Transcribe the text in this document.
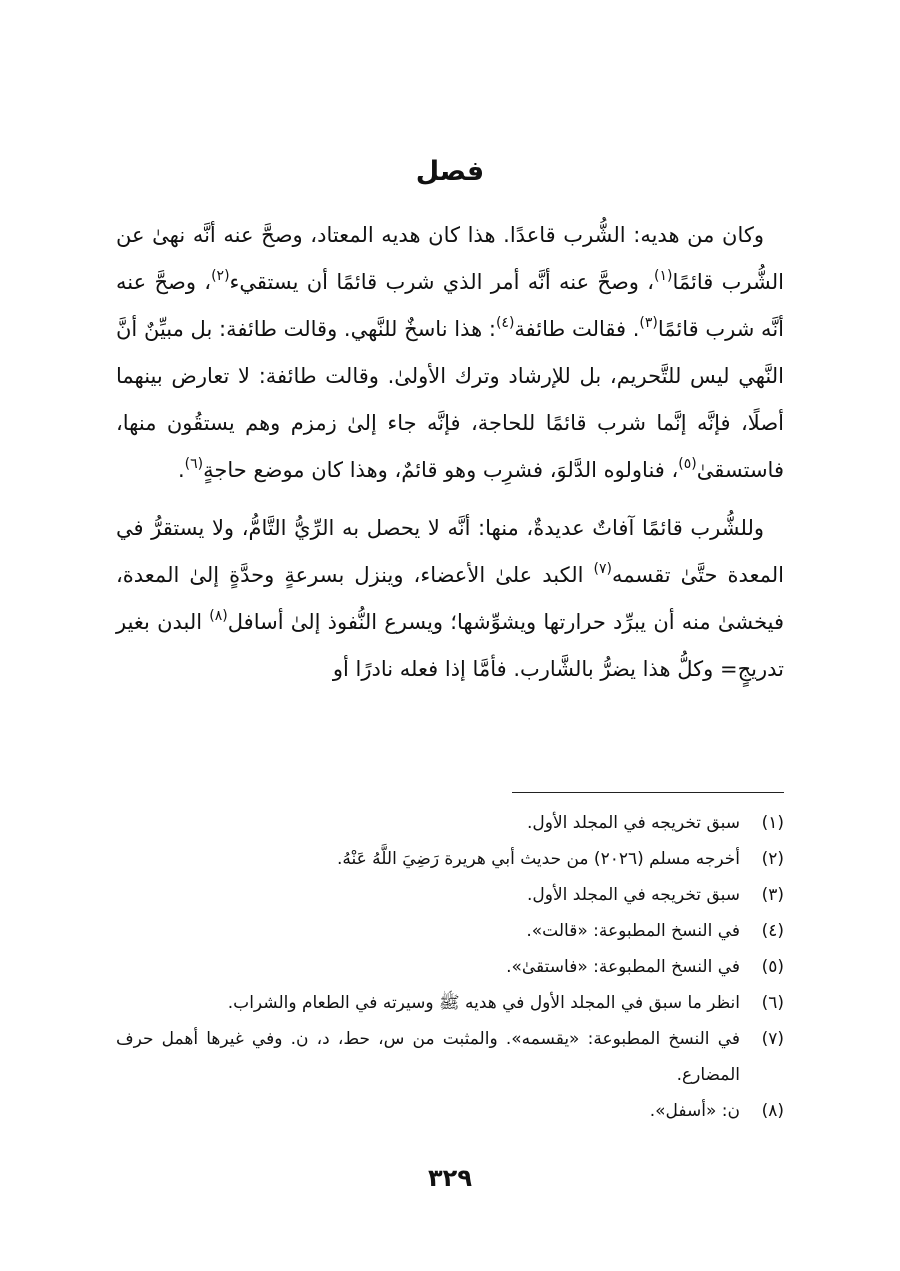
فصل

وكان من هديه: الشُّرب قاعدًا. هذا كان هديه المعتاد، وصحَّ عنه أنَّه نهىٰ عن الشُّرب قائمًا$^{(١)}$، وصحَّ عنه أنَّه أمر الذي شرب قائمًا أن يستقيء$^{(٢)}$، وصحَّ عنه أنَّه شرب قائمًا$^{(٣)}$. فقالت طائفة$^{(٤)}$: هذا ناسخٌ للنَّهي. وقالت طائفة: بل مبيِّنٌ أنَّ النَّهي ليس للتَّحريم، بل للإرشاد وترك الأولىٰ. وقالت طائفة: لا تعارض بينهما أصلًا، فإنَّه إنَّما شرب قائمًا للحاجة، فإنَّه جاء إلىٰ زمزم وهم يستقُون منها، فاستسقىٰ$^{(٥)}$، فناولوه الدَّلوَ، فشرِب وهو قائمٌ، وهذا كان موضع حاجةٍ$^{(٦)}$.

وللشُّرب قائمًا آفاتٌ عديدةٌ، منها: أنَّه لا يحصل به الرِّيُّ التَّامُّ، ولا يستقرُّ في المعدة حتَّىٰ تقسمه$^{(٧)}$ الكبد علىٰ الأعضاء، وينزل بسرعةٍ وحدَّةٍ إلىٰ المعدة، فيخشىٰ منه أن يبرِّد حرارتها ويشوِّشها؛ ويسرع النُّفوذ إلىٰ أسافل$^{(٨)}$ البدن بغير تدريجٍ= وكلُّ هذا يضرُّ بالشَّارب. فأمَّا إذا فعله نادرًا أو

(١)
سبق تخريجه في المجلد الأول.
(٢)
أخرجه مسلم (٢٠٢٦) من حديث أبي هريرة رَضِيَ اللَّهُ عَنْهُ.
(٣)
سبق تخريجه في المجلد الأول.
(٤)
في النسخ المطبوعة: «قالت».
(٥)
في النسخ المطبوعة: «فاستقىٰ».
(٦)
انظر ما سبق في المجلد الأول في هديه ﷺ وسيرته في الطعام والشراب.
(٧)
في النسخ المطبوعة: «يقسمه». والمثبت من س، حط، د، ن. وفي غيرها أهمل حرف المضارع.
(٨)
ن: «أسفل».
٣٢٩
